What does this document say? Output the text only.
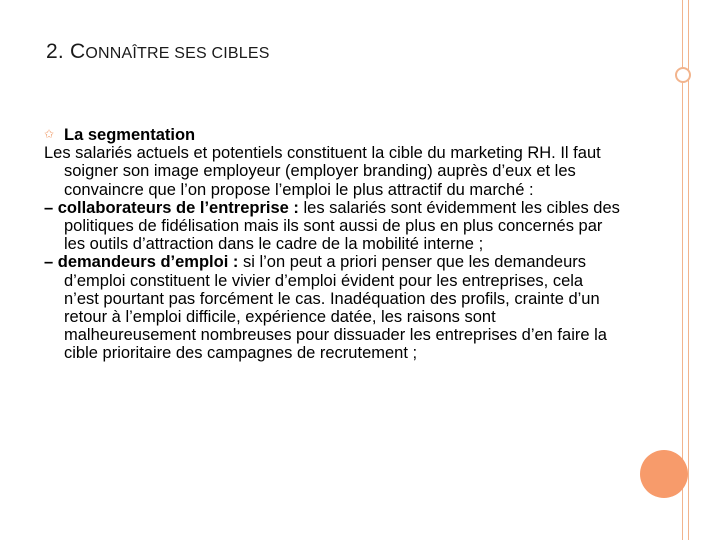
2. CONNAÎTRE SES CIBLES
✩ La segmentation

Les salariés actuels et potentiels constituent la cible du marketing RH. Il faut soigner son image employeur (employer branding) auprès d’eux et les convaincre que l’on propose l’emploi le plus attractif du marché :

– collaborateurs de l’entreprise : les salariés sont évidemment les cibles des politiques de fidélisation mais ils sont aussi de plus en plus concernés par les outils d’attraction dans le cadre de la mobilité interne ;

– demandeurs d’emploi : si l’on peut a priori penser que les demandeurs d’emploi constituent le vivier d’emploi évident pour les entreprises, cela n’est pourtant pas forcément le cas. Inadéquation des profils, crainte d’un retour à l’emploi difficile, expérience datée, les raisons sont malheureusement nombreuses pour dissuader les entreprises d’en faire la cible prioritaire des campagnes de recrutement ;
